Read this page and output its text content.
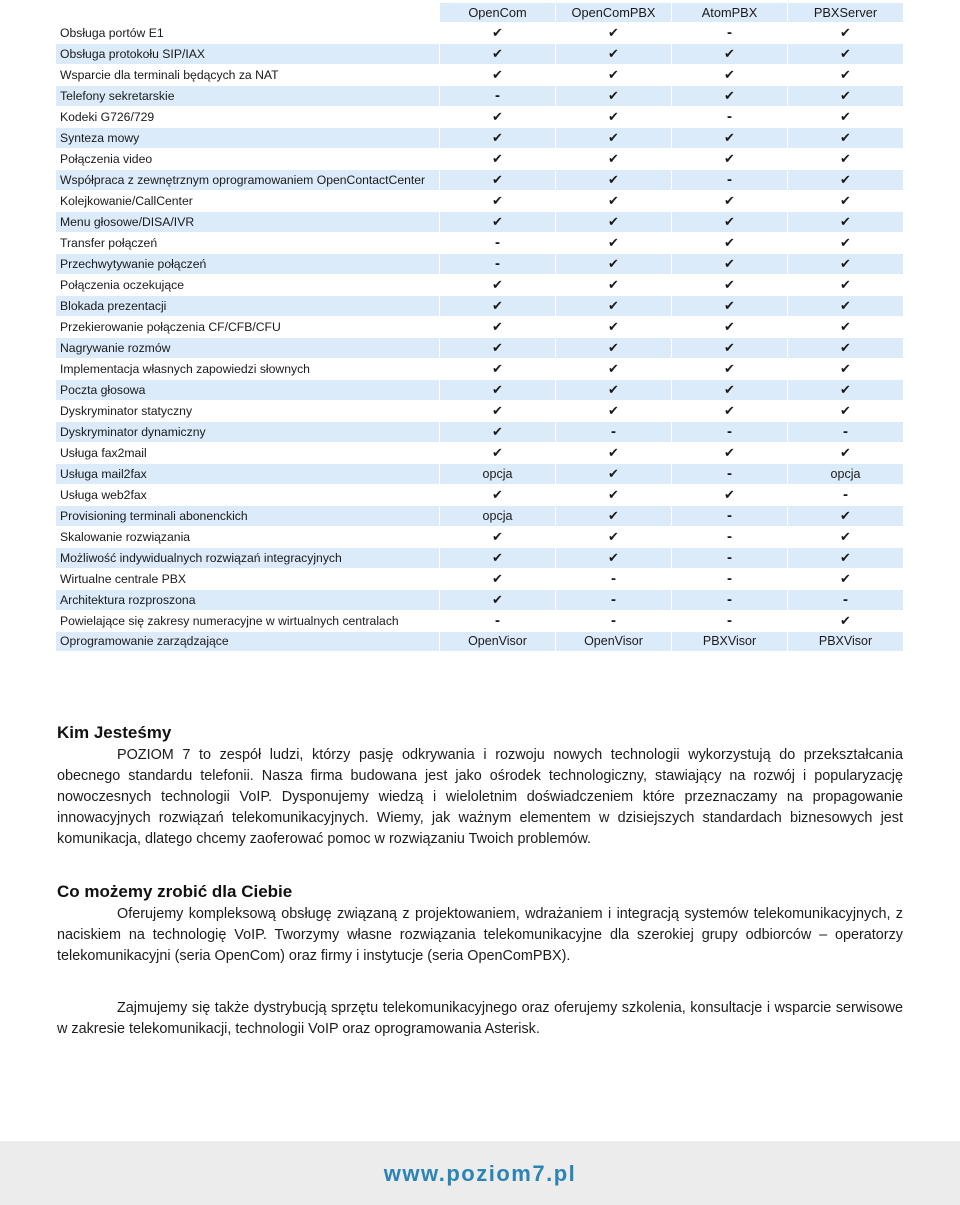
	OpenCom	OpenComPBX	AtomPBX	PBXServer
Obsługa portów E1	✔	✔	-	✔
Obsługa protokołu SIP/IAX	✔	✔	✔	✔
Wsparcie dla terminali będących za NAT	✔	✔	✔	✔
Telefony sekretarskie	-	✔	✔	✔
Kodeki G726/729	✔	✔	-	✔
Synteza mowy	✔	✔	✔	✔
Połączenia video	✔	✔	✔	✔
Współpraca z zewnętrznym oprogramowaniem OpenContactCenter	✔	✔	-	✔
Kolejkowanie/CallCenter	✔	✔	✔	✔
Menu głosowe/DISA/IVR	✔	✔	✔	✔
Transfer połączeń	-	✔	✔	✔
Przechwytywanie połączeń	-	✔	✔	✔
Połączenia oczekujące	✔	✔	✔	✔
Blokada prezentacji	✔	✔	✔	✔
Przekierowanie połączenia CF/CFB/CFU	✔	✔	✔	✔
Nagrywanie rozmów	✔	✔	✔	✔
Implementacja własnych zapowiedzi słownych	✔	✔	✔	✔
Poczta głosowa	✔	✔	✔	✔
Dyskryminator statyczny	✔	✔	✔	✔
Dyskryminator dynamiczny	✔	-	-	-
Usługa fax2mail	✔	✔	✔	✔
Usługa mail2fax	opcja	✔	-	opcja
Usługa web2fax	✔	✔	✔	-
Provisioning terminali abonenckich	opcja	✔	-	✔
Skalowanie rozwiązania	✔	✔	-	✔
Możliwość indywidualnych rozwiązań integracyjnych	✔	✔	-	✔
Wirtualne centrale PBX	✔	-	-	✔
Architektura rozproszona	✔	-	-	-
Powielające się zakresy numeracyjne w wirtualnych centralach	-	-	-	✔
Oprogramowanie zarządzające	OpenVisor	OpenVisor	PBXVisor	PBXVisor
Kim Jesteśmy

POZIOM 7 to zespół ludzi, którzy pasję odkrywania i rozwoju nowych technologii wykorzystują do przekształcania obecnego standardu telefonii. Nasza firma budowana jest jako ośrodek technologiczny, stawiający na rozwój i popularyzację nowoczesnych technologii VoIP. Dysponujemy wiedzą i wieloletnim doświadczeniem które przeznaczamy na propagowanie innowacyjnych rozwiązań telekomunikacyjnych. Wiemy, jak ważnym elementem w dzisiejszych standardach biznesowych jest komunikacja, dlatego chcemy zaoferować pomoc w rozwiązaniu Twoich problemów.

Co możemy zrobić dla Ciebie

Oferujemy kompleksową obsługę związaną z projektowaniem, wdrażaniem i integracją systemów telekomunikacyjnych, z naciskiem na technologię VoIP. Tworzymy własne rozwiązania telekomunikacyjne dla szerokiej grupy odbiorców – operatorzy telekomunikacyjni (seria OpenCom) oraz firmy i instytucje (seria OpenComPBX).

Zajmujemy się także dystrybucją sprzętu telekomunikacyjnego oraz oferujemy szkolenia, konsultacje i wsparcie serwisowe w zakresie telekomunikacji, technologii VoIP oraz oprogramowania Asterisk.

www.poziom7.pl
